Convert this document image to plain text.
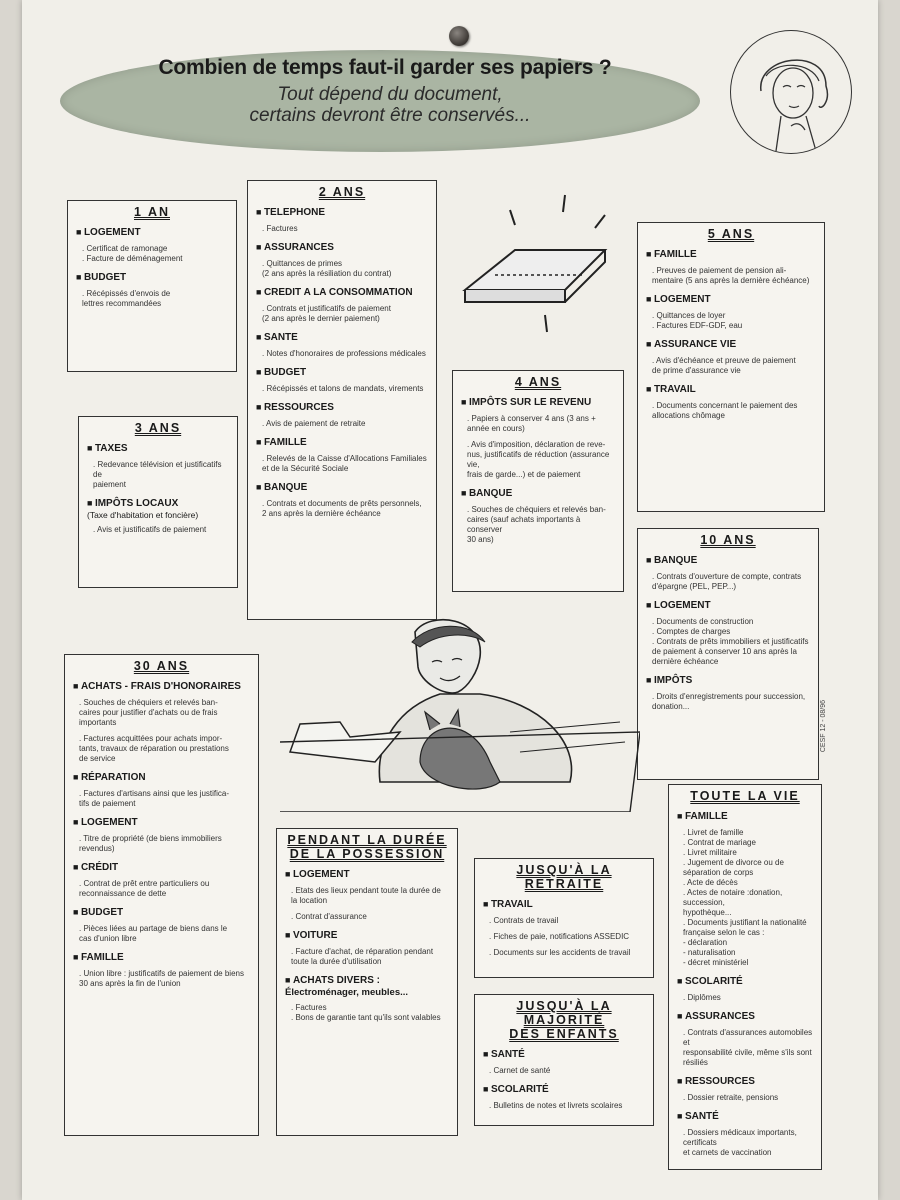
Combien de temps faut-il garder ses papiers ?
Tout dépend du document,
certains devront être conservés...
1 AN
■ LOGEMENT
. Certificat de ramonage
. Facture de déménagement
■ BUDGET
. Récépissés d'envois de
lettres recommandées
2 ANS
■ TELEPHONE
. Factures
■ ASSURANCES
. Quittances de primes
(2 ans après la résiliation du contrat)
■ CREDIT A LA CONSOMMATION
. Contrats et justificatifs de paiement
(2 ans après le dernier paiement)
■ SANTE
. Notes d'honoraires de professions médicales
■ BUDGET
. Récépissés et talons de mandats, virements
■ RESSOURCES
. Avis de paiement de retraite
■ FAMILLE
. Relevés de la Caisse d'Allocations Familiales
et de la Sécurité Sociale
■ BANQUE
. Contrats et documents de prêts personnels,
2 ans après la dernière échéance
3 ANS
■ TAXES
. Redevance télévision et justificatifs de
paiement
■ IMPÔTS LOCAUX
(Taxe d'habitation et foncière)
. Avis et justificatifs de paiement
4 ANS
■ IMPÔTS SUR LE REVENU
. Papiers à conserver 4 ans (3 ans +
année en cours)
. Avis d'imposition, déclaration de reve-
nus, justificatifs de réduction (assurance vie,
frais de garde...) et de paiement
■ BANQUE
. Souches de chéquiers et relevés ban-
caires (sauf achats importants à conserver
30 ans)
5 ANS
■ FAMILLE
. Preuves de paiement de pension ali-
mentaire (5 ans après la dernière échéance)
■ LOGEMENT
. Quittances de loyer
. Factures EDF-GDF, eau
■ ASSURANCE VIE
. Avis d'échéance et preuve de paiement
de prime d'assurance vie
■ TRAVAIL
. Documents concernant le paiement des
allocations chômage
10 ANS
■ BANQUE
. Contrats d'ouverture de compte, contrats
d'épargne (PEL, PEP...)
■ LOGEMENT
. Documents de construction
. Comptes de charges
. Contrats de prêts immobiliers et justificatifs
de paiement à conserver 10 ans après la
dernière échéance
■ IMPÔTS
. Droits d'enregistrements pour succession,
donation...
30 ANS
■ ACHATS - FRAIS D'HONORAIRES
. Souches de chéquiers et relevés ban-
caires pour justifier d'achats ou de frais
importants
. Factures acquittées pour achats impor-
tants, travaux de réparation ou prestations
de service
■ RÉPARATION
. Factures d'artisans ainsi que les justifica-
tifs de paiement
■ LOGEMENT
. Titre de propriété (de biens immobiliers
revendus)
■ CRÉDIT
. Contrat de prêt entre particuliers ou
reconnaissance de dette
■ BUDGET
. Pièces liées au partage de biens dans le
cas d'union libre
■ FAMILLE
. Union libre : justificatifs de paiement de biens
30 ans après la fin de l'union
PENDANT LA DURÉE
DE LA POSSESSION
■ LOGEMENT
. Etats des lieux pendant toute la durée de
la location
. Contrat d'assurance
■ VOITURE
. Facture d'achat, de réparation pendant
toute la durée d'utilisation
■ ACHATS DIVERS :
Électroménager, meubles...
. Factures
. Bons de garantie tant qu'ils sont valables
JUSQU'À LA RETRAITE
■ TRAVAIL
. Contrats de travail
. Fiches de paie, notifications ASSEDIC
. Documents sur les accidents de travail
JUSQU'À LA MAJORITÉ
DES ENFANTS
■ SANTÉ
. Carnet de santé
■ SCOLARITÉ
. Bulletins de notes et livrets scolaires
TOUTE LA VIE
■ FAMILLE
. Livret de famille
. Contrat de mariage
. Livret militaire
. Jugement de divorce ou de séparation de corps
. Acte de décès
. Actes de notaire :donation, succession,
hypothèque...
. Documents justifiant la nationalité
française selon le cas :
- déclaration
- naturalisation
- décret ministériel
■ SCOLARITÉ
. Diplômes
■ ASSURANCES
. Contrats d'assurances automobiles et
responsabilité civile, même s'ils sont résiliés
■ RESSOURCES
. Dossier retraite, pensions
■ SANTÉ
. Dossiers médicaux importants, certificats
et carnets de vaccination
CESF 12 - 08/96
